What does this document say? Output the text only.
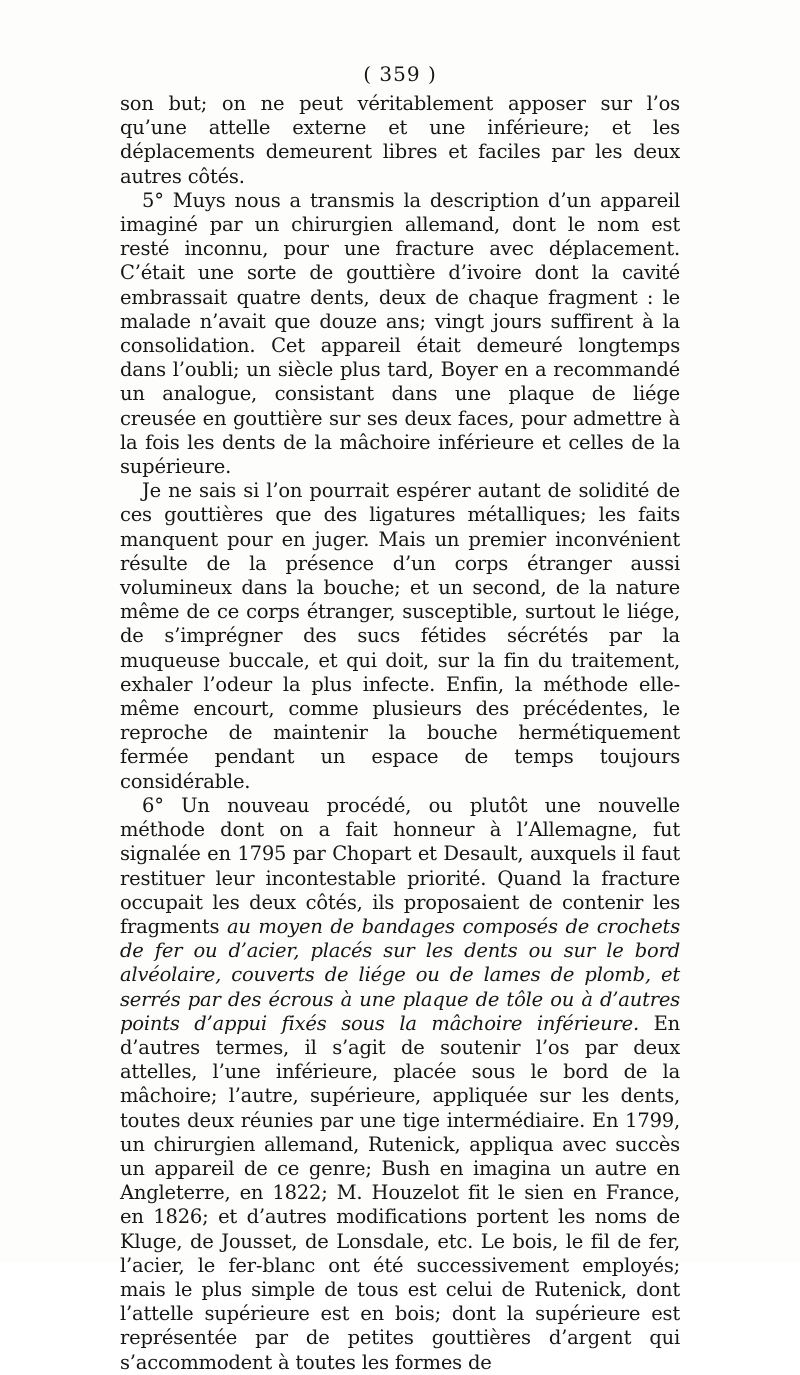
( 359 )

son but; on ne peut véritablement apposer sur l’os qu’une attelle externe et une inférieure; et les déplacements demeurent libres et faciles par les deux autres côtés.

5° Muys nous a transmis la description d’un appareil imaginé par un chirurgien allemand, dont le nom est resté inconnu, pour une fracture avec déplacement. C’était une sorte de gouttière d’ivoire dont la cavité embrassait quatre dents, deux de chaque fragment : le malade n’avait que douze ans; vingt jours suffirent à la consolidation. Cet appareil était demeuré longtemps dans l’oubli; un siècle plus tard, Boyer en a recommandé un analogue, consistant dans une plaque de liége creusée en gouttière sur ses deux faces, pour admettre à la fois les dents de la mâchoire inférieure et celles de la supérieure.

Je ne sais si l’on pourrait espérer autant de solidité de ces gouttières que des ligatures métalliques; les faits manquent pour en juger. Mais un premier inconvénient résulte de la présence d’un corps étranger aussi volumineux dans la bouche; et un second, de la nature même de ce corps étranger, susceptible, surtout le liége, de s’imprégner des sucs fétides sécrétés par la muqueuse buccale, et qui doit, sur la fin du traitement, exhaler l’odeur la plus infecte. Enfin, la méthode elle-même encourt, comme plusieurs des précédentes, le reproche de maintenir la bouche hermétiquement fermée pendant un espace de temps toujours considérable.

6° Un nouveau procédé, ou plutôt une nouvelle méthode dont on a fait honneur à l’Allemagne, fut signalée en 1795 par Chopart et Desault, auxquels il faut restituer leur incontestable priorité. Quand la fracture occupait les deux côtés, ils proposaient de contenir les fragments au moyen de bandages composés de crochets de fer ou d’acier, placés sur les dents ou sur le bord alvéolaire, couverts de liége ou de lames de plomb, et serrés par des écrous à une plaque de tôle ou à d’autres points d’appui fixés sous la mâchoire inférieure. En d’autres termes, il s’agit de soutenir l’os par deux attelles, l’une inférieure, placée sous le bord de la mâchoire; l’autre, supérieure, appliquée sur les dents, toutes deux réunies par une tige intermédiaire. En 1799, un chirurgien allemand, Rutenick, appliqua avec succès un appareil de ce genre; Bush en imagina un autre en Angleterre, en 1822; M. Houzelot fit le sien en France, en 1826; et d’autres modifications portent les noms de Kluge, de Jousset, de Lonsdale, etc. Le bois, le fil de fer, l’acier, le fer-blanc ont été successivement employés; mais le plus simple de tous est celui de Rutenick, dont l’attelle supérieure est en bois; dont la supérieure est représentée par de petites gouttières d’argent qui s’accommodent à toutes les formes de
